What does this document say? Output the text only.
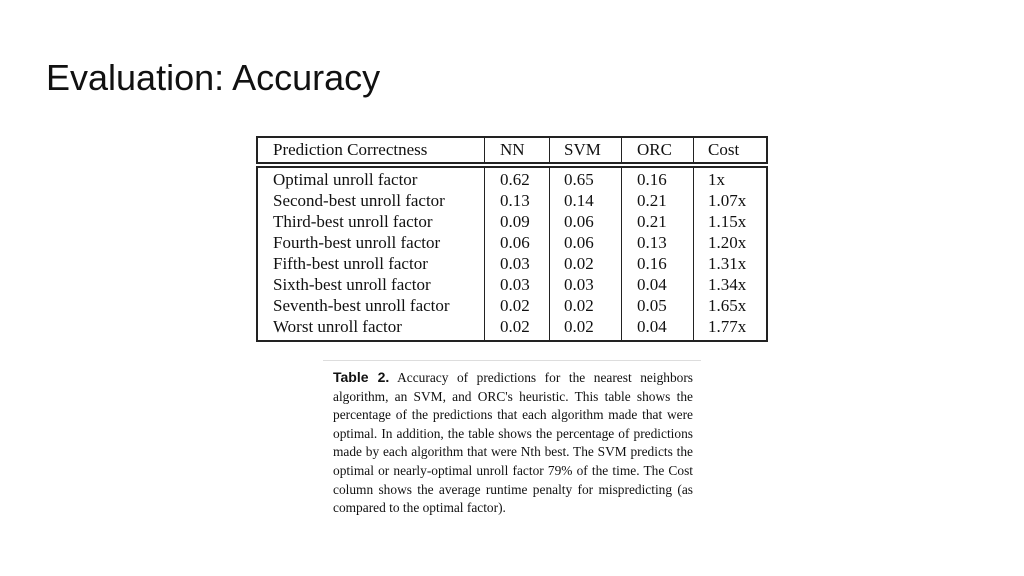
Evaluation: Accuracy
Prediction Correctness	NN SVM ORC Cost
Optimal unroll factor	0.62 0.65	0.16 1x
Second-best unroll factor	0.13 0.14	0.21 1.07x
Third-best unroll factor	0.09 0.06	0.21 1.15x
Fourth-best unroll factor	0.06 0.06	0.13 1.20x
Fifth-best unroll factor	0.03 0.02	0.16 1.31x
Sixth-best unroll factor	0.03 0.03	0.04 1.34x
Seventh-best unroll factor	0.02 0.02	0.05 1.65x
Worst unroll factor	0.02 0.02	0.04 1.77x
Table 2. Accuracy of predictions for the nearest neighbors algorithm, an SVM, and ORC's heuristic. This table shows the percentage of the predictions that each algorithm made that were optimal. In addition, the table shows the percentage of predictions made by each algorithm that were Nth best. The SVM predicts the optimal or nearly-optimal unroll factor 79% of the time. The Cost column shows the average runtime penalty for mispredicting (as compared to the optimal factor).
